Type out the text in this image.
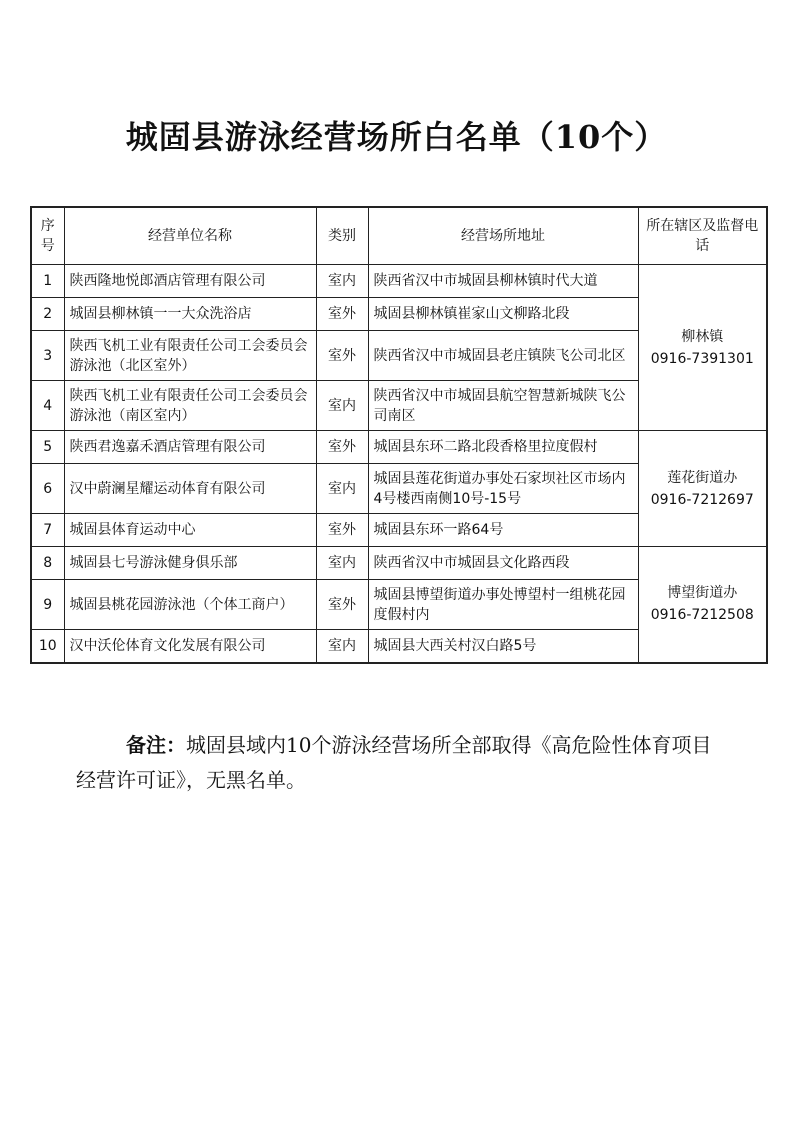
城固县游泳经营场所白名单（10个）
序号	经营单位名称	类别	经营场所地址	所在辖区及监督电话
1	陕西隆地悦郎酒店管理有限公司	室内	陕西省汉中市城固县柳林镇时代大道	柳林镇
0916-7391301

2	城固县柳林镇一一大众洗浴店	室外	城固县柳林镇崔家山文柳路北段	
3	陕西飞机工业有限责任公司工会委员会游泳池（北区室外）	室外	陕西省汉中市城固县老庄镇陕飞公司北区	
4	陕西飞机工业有限责任公司工会委员会游泳池（南区室内）	室内	陕西省汉中市城固县航空智慧新城陕飞公司南区	
5	陕西君逸嘉禾酒店管理有限公司	室外	城固县东环二路北段香格里拉度假村	莲花街道办
0916-7212697

6	汉中蔚澜星耀运动体育有限公司	室内	城固县莲花街道办事处石家坝社区市场内4号楼西南侧10号-15号	
7	城固县体育运动中心	室外	城固县东环一路64号	
8	城固县七号游泳健身俱乐部	室内	陕西省汉中市城固县文化路西段	博望街道办
0916-7212508

9	城固县桃花园游泳池（个体工商户）	室外	城固县博望街道办事处博望村一组桃花园度假村内	
10	汉中沃伦体育文化发展有限公司	室内	城固县大西关村汉白路5号	
备注：城固县域内10个游泳经营场所全部取得《高危险性体育项目经营许可证》，无黑名单。
